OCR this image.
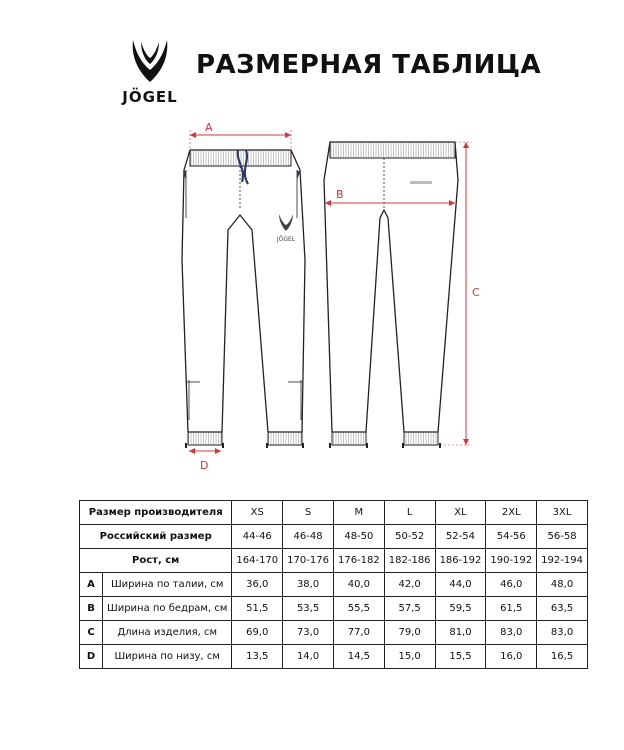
JÖGEL
РАЗМЕРНАЯ ТАБЛИЦА
JÖGEL
A
B
C
D
Размер производителя		XS	S	M	L	XL	2XL	3XL
Российский размер		44-46	46-48	48-50	50-52	52-54	54-56	56-58
Рост, см		164-170	170-176	176-182	182-186	186-192	190-192	192-194
A	Ширина по талии, см	36,0	38,0	40,0	42,0	44,0	46,0	48,0
B	Ширина по бедрам, см	51,5	53,5	55,5	57,5	59,5	61,5	63,5
C	Длина изделия, см	69,0	73,0	77,0	79,0	81,0	83,0	83,0
D	Ширина по низу, см	13,5	14,0	14,5	15,0	15,5	16,0	16,5
